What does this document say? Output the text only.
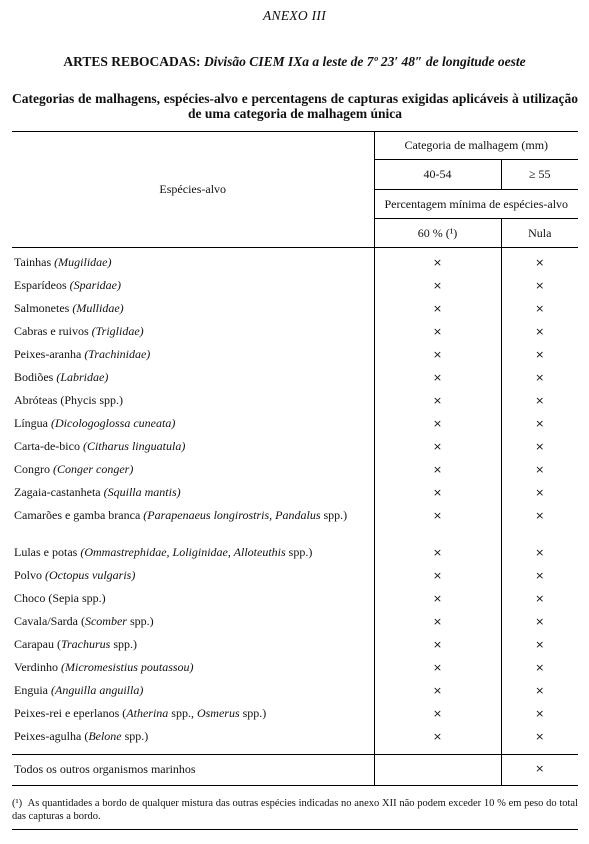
ANEXO III
ARTES REBOCADAS: Divisão CIEM IXa a leste de 7º 23′ 48″ de longitude oeste
Categorias de malhagens, espécies-alvo e percentagens de capturas exigidas aplicáveis à utilização de uma categoria de malhagem única
Espécies-alvo	Categoria de malhagem (mm)	
	40-54	≥ 55
	Percentagem mínima de espécies-alvo	
	60 % (¹)	Nula
Tainhas (Mugilidae)	×	×
Esparídeos (Sparidae)	×	×
Salmonetes (Mullidae)	×	×
Cabras e ruivos (Triglidae)	×	×
Peixes-aranha (Trachinidae)	×	×
Bodiões (Labridae)	×	×
Abróteas (Phycis spp.)	×	×
Língua (Dicologoglossa cuneata)	×	×
Carta-de-bico (Citharus linguatula)	×	×
Congro (Conger conger)	×	×
Zagaia-castanheta (Squilla mantis)	×	×
Camarões e gamba branca (Parapenaeus longirostris, Pandalus spp.)	×	×
Lulas e potas (Ommastrephidae, Loliginidae, Alloteuthis spp.)	×	×
Polvo (Octopus vulgaris)	×	×
Choco (Sepia spp.)	×	×
Cavala/Sarda (Scomber spp.)	×	×
Carapau (Trachurus spp.)	×	×
Verdinho (Micromesistius poutassou)	×	×
Enguia (Anguilla anguilla)	×	×
Peixes-rei e eperlanos (Atherina spp., Osmerus spp.)	×	×
Peixes-agulha (Belone spp.)	×	×
Todos os outros organismos marinhos		×
(¹) As quantidades a bordo de qualquer mistura das outras espécies indicadas no anexo XII não podem exceder 10 % em peso do total das capturas a bordo.
